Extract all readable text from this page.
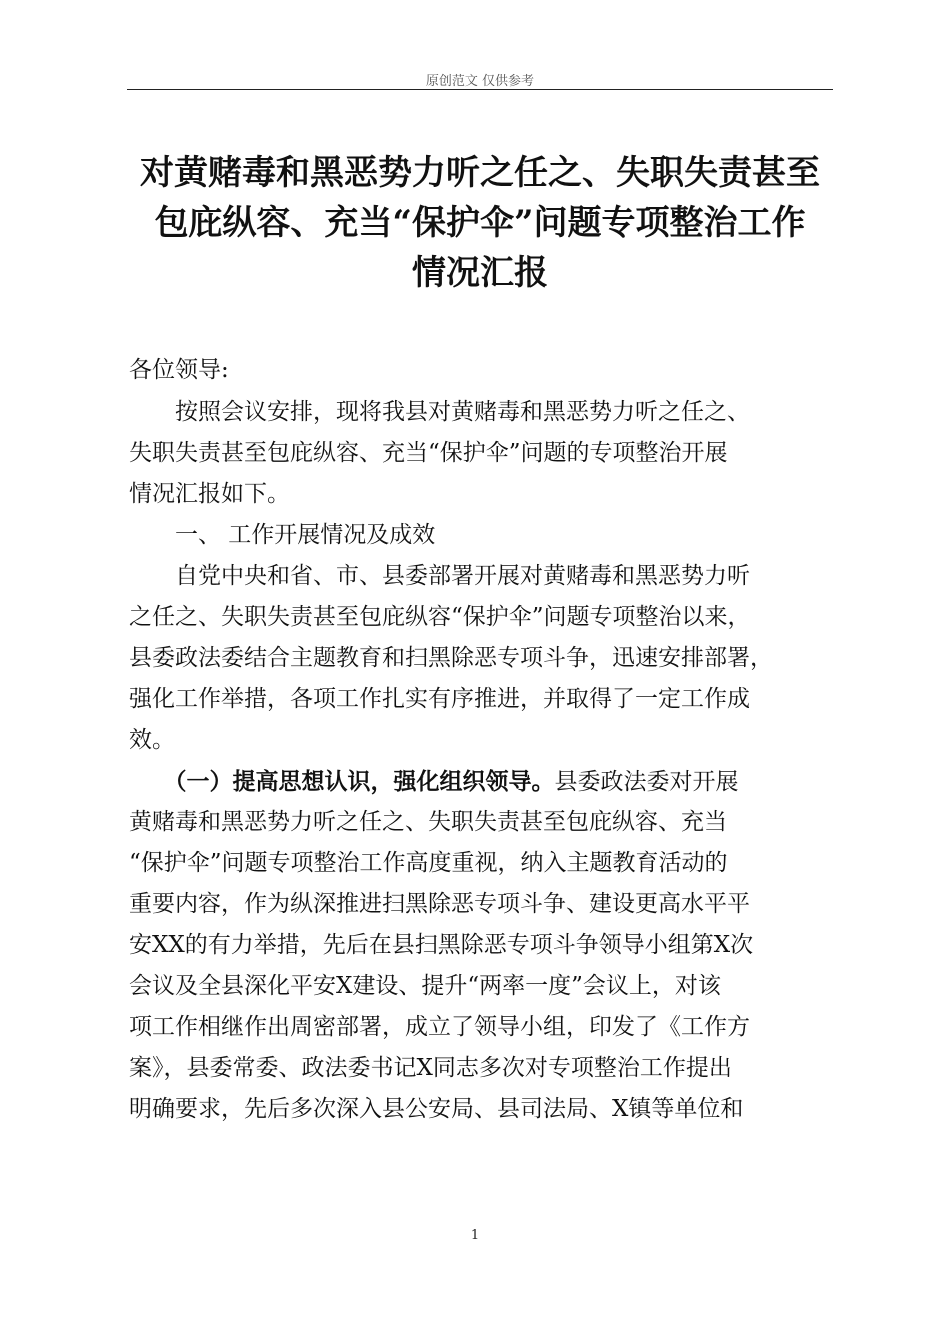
原创范文 仅供参考
对黄赌毒和黑恶势力听之任之、失职失责甚至
包庇纵容、充当“保护伞”问题专项整治工作
情况汇报
各位领导:
　　按照会议安排，现将我县对黄赌毒和黑恶势力听之任之、
失职失责甚至包庇纵容、充当“保护伞”问题的专项整治开展
情况汇报如下。
　　一、 工作开展情况及成效
　　自党中央和省、市、县委部署开展对黄赌毒和黑恶势力听
之任之、失职失责甚至包庇纵容“保护伞”问题专项整治以来，
县委政法委结合主题教育和扫黑除恶专项斗争，迅速安排部署，
强化工作举措，各项工作扎实有序推进，并取得了一定工作成
效。
　　（一）提高思想认识，强化组织领导。县委政法委对开展
黄赌毒和黑恶势力听之任之、失职失责甚至包庇纵容、充当
“保护伞”问题专项整治工作高度重视，纳入主题教育活动的
重要内容，作为纵深推进扫黑除恶专项斗争、建设更高水平平
安XX的有力举措，先后在县扫黑除恶专项斗争领导小组第X次
会议及全县深化平安X建设、提升“两率一度”会议上，对该
项工作相继作出周密部署，成立了领导小组，印发了《工作方
案》，县委常委、政法委书记X同志多次对专项整治工作提出
明确要求，先后多次深入县公安局、县司法局、X镇等单位和
1
